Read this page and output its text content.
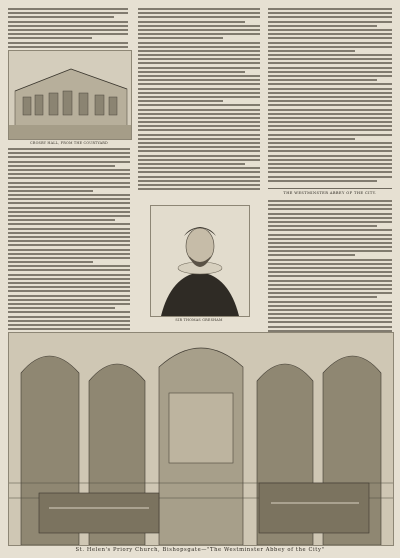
CROSBY HALL, FROM THE COURTYARD
SIR THOMAS GRESHAM
THE WESTMINSTER ABBEY OF THE CITY.
St. Helen's Priory Church, Bishopsgate—"The Westminster Abbey of the City"
